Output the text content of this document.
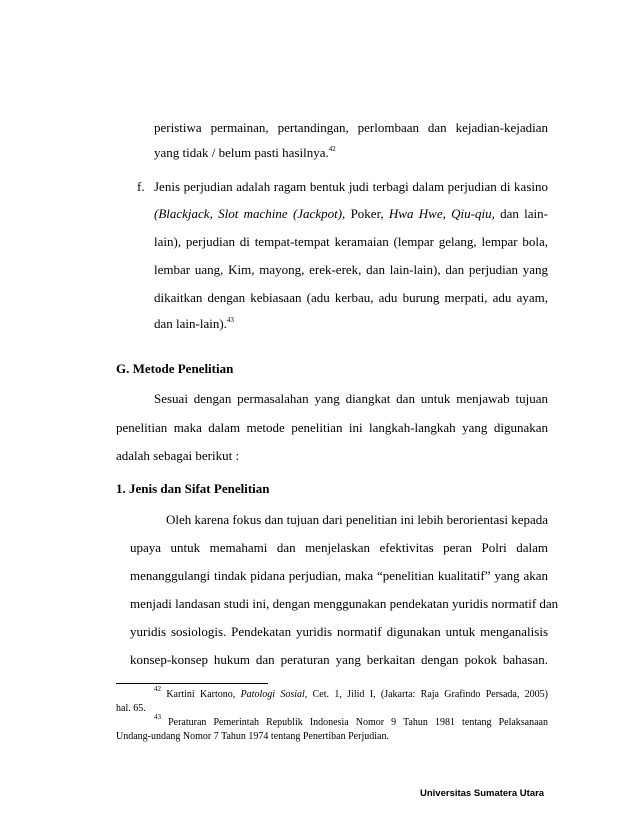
peristiwa permainan, pertandingan, perlombaan dan kejadian-kejadian
yang tidak / belum pasti hasilnya.$^{42}$
f. Jenis perjudian adalah ragam bentuk judi terbagi dalam perjudian di kasino
(Blackjack, Slot machine (Jackpot), Poker, Hwa Hwe, Qiu-qiu, dan lain-
lain), perjudian di tempat-tempat keramaian (lempar gelang, lempar bola,
lembar uang, Kim, mayong, erek-erek, dan lain-lain), dan perjudian yang
dikaitkan dengan kebiasaan (adu kerbau, adu burung merpati, adu ayam,
dan lain-lain).$^{43}$
G. Metode Penelitian
Sesuai dengan permasalahan yang diangkat dan untuk menjawab tujuan
penelitian maka dalam metode penelitian ini langkah-langkah yang digunakan
adalah sebagai berikut :
1. Jenis dan Sifat Penelitian
Oleh karena fokus dan tujuan dari penelitian ini lebih berorientasi kepada
upaya untuk memahami dan menjelaskan efektivitas peran Polri dalam
menanggulangi tindak pidana perjudian, maka “penelitian kualitatif” yang akan
menjadi landasan studi ini, dengan menggunakan pendekatan yuridis normatif dan
yuridis sosiologis. Pendekatan yuridis normatif digunakan untuk menganalisis
konsep-konsep hukum dan peraturan yang berkaitan dengan pokok bahasan.
$^{42}$ Kartini Kartono, Patologi Sosial, Cet. 1, Jilid I, (Jakarta: Raja Grafindo Persada, 2005)
hal. 65.
$^{43}$ Peraturan Pemerintah Republik Indonesia Nomor 9 Tahun 1981 tentang Pelaksanaan
Undang-undang Nomor 7 Tahun 1974 tentang Penertiban Perjudian.
Universitas Sumatera Utara
